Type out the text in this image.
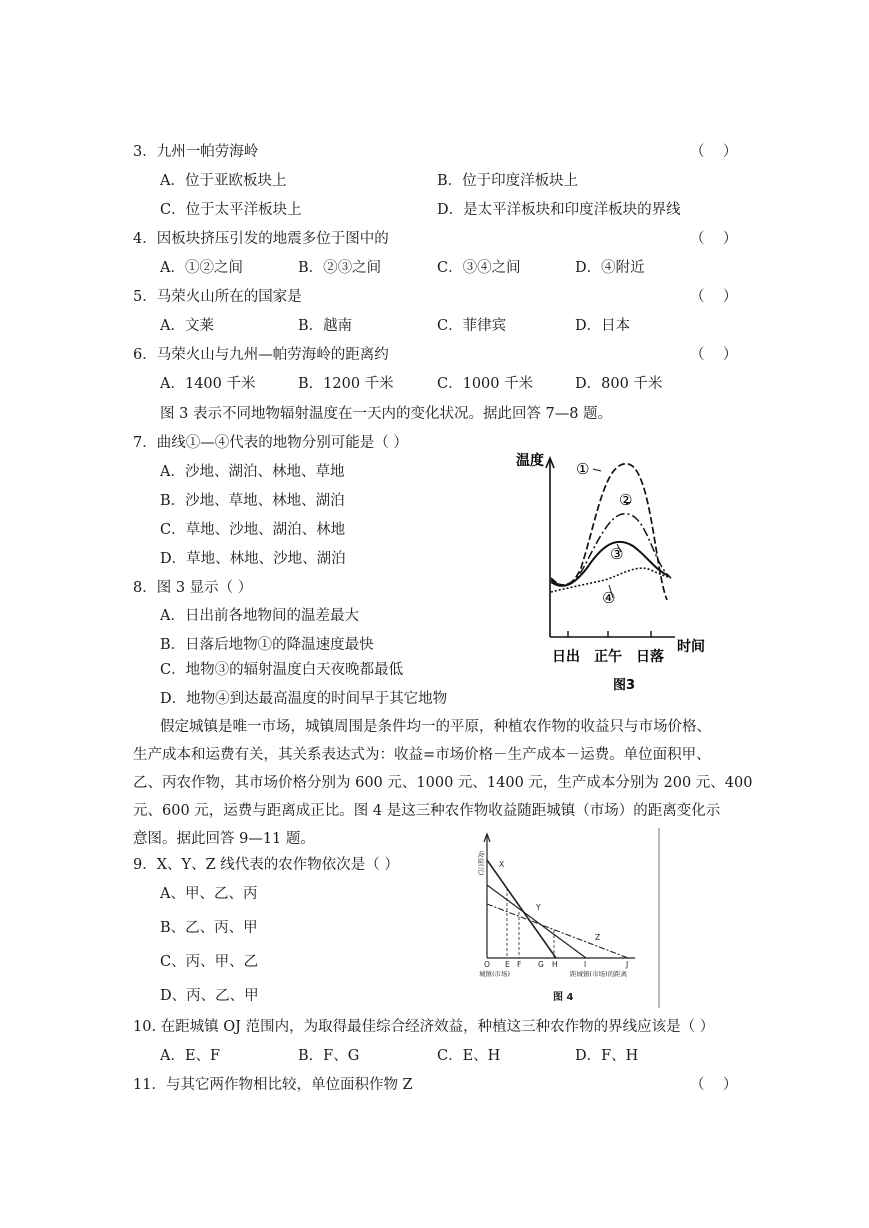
3．九州一帕劳海岭	（    ）
A．位于亚欧板块上	B．位于印度洋板块上
C．位于太平洋板块上	D．是太平洋板块和印度洋板块的界线
4．因板块挤压引发的地震多位于图中的	（    ）
A．①②之间	B．②③之间	C．③④之间	D．④附近
5．马荣火山所在的国家是	（    ）
A．文莱	B．越南	C．菲律宾	D．日本
6．马荣火山与九州—帕劳海岭的距离约	（    ）
A．1400 千米	B．1200 千米	C．1000 千米	D．800 千米
图 3 表示不同地物辐射温度在一天内的变化状况。据此回答 7—8 题。
7．曲线①—④代表的地物分别可能是（ ）
A．沙地、湖泊、林地、草地
B．沙地、草地、林地、湖泊
C．草地、沙地、湖泊、林地
D．草地、林地、沙地、湖泊
8．图 3 显示（ ）
A．日出前各地物间的温差最大
B．日落后地物①的降温速度最快
C．地物③的辐射温度白天夜晚都最低
D．地物④到达最高温度的时间早于其它地物
温度
时间
日出 正午 日落
①
②
③
④
图3
假定城镇是唯一市场，城镇周围是条件均一的平原，种植农作物的收益只与市场价格、
生产成本和运费有关，其关系表达式为：收益=市场价格－生产成本－运费。单位面积甲、
乙、丙农作物，其市场价格分别为 600 元、1000 元、1400 元，生产成本分别为 200 元、400
元、600 元，运费与距离成正比。图 4 是这三种农作物收益随距城镇（市场）的距离变化示
意图。据此回答 9—11 题。
9．X、Y、Z 线代表的农作物依次是（ ）
A、甲、乙、丙
B、乙、丙、甲
C、丙、甲、乙
D、丙、乙、甲
收益(元) X
Y
Z
O E F G H	I	J
城镇(市场)	距城镇(市场)的距离
图 4
10. 在距城镇 OJ 范围内，为取得最佳综合经济效益，种植这三种农作物的界线应该是（ ）
A．E、F	B．F、G	C．E、H	D．F、H
11．与其它两作物相比较，单位面积作物 Z	（    ）
